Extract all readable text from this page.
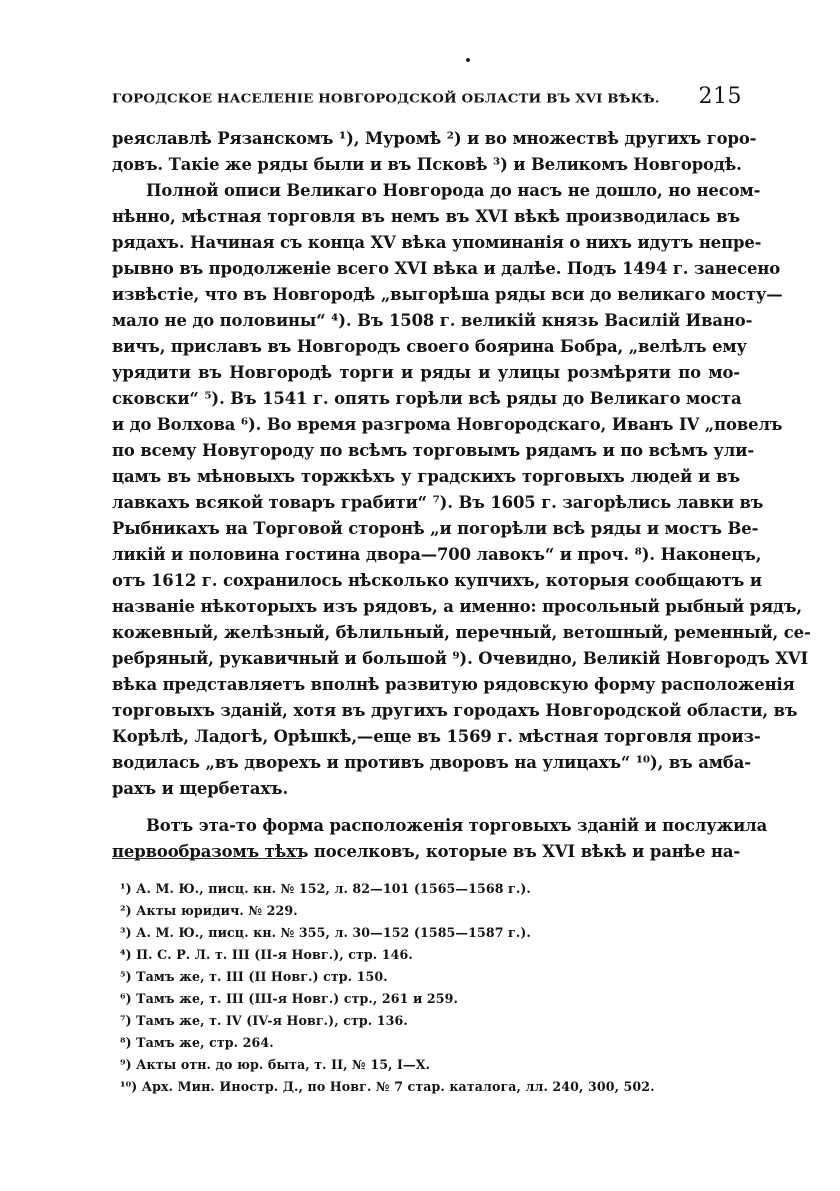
ГОРОДСКОЕ НАСЕЛЕНІЕ НОВГОРОДСКОЙ ОБЛАСТИ ВЪ XVI ВѢКѢ. 215
реяславлѣ Рязанскомъ ¹), Муромѣ ²) и во множествѣ другихъ горо-
довъ. Такіе же ряды были и въ Псковѣ ³) и Великомъ Новгородѣ.
Полной описи Великаго Новгорода до насъ не дошло, но несом-
нѣнно, мѣстная торговля въ немъ въ XVI вѣкѣ производилась въ
рядахъ. Начиная съ конца XV вѣка упоминанія о нихъ идутъ непре-
рывно въ продолженіе всего XVI вѣка и далѣе. Подъ 1494 г. занесено
извѣстіе, что въ Новгородѣ „выгорѣша ряды вси до великаго мосту—
мало не до половины“ ⁴). Въ 1508 г. великій князь Василій Ивано-
вичъ, приславъ въ Новгородъ своего боярина Бобра, „велѣлъ ему
урядити въ Новгородѣ торги и ряды и улицы розмѣряти по мо-
сковски“ ⁵). Въ 1541 г. опять горѣли всѣ ряды до Великаго моста
и до Волхова ⁶). Во время разгрома Новгородскаго, Иванъ IV „повелъ
по всему Новугороду по всѣмъ торговымъ рядамъ и по всѣмъ ули-
цамъ въ мѣновыхъ торжкѣхъ у градскихъ торговыхъ людей и въ
лавкахъ всякой товаръ грабити“ ⁷). Въ 1605 г. загорѣлись лавки въ
Рыбникахъ на Торговой сторонѣ „и погорѣли всѣ ряды и мостъ Ве-
ликій и половина гостина двора—700 лавокъ“ и проч. ⁸). Наконецъ,
отъ 1612 г. сохранилось нѣсколько купчихъ, которыя сообщаютъ и
названіе нѣкоторыхъ изъ рядовъ, а именно: просольный рыбный рядъ,
кожевный, желѣзный, бѣлильный, перечный, ветошный, ременный, се-
ребряный, рукавичный и большой ⁹). Очевидно, Великій Новгородъ XVI
вѣка представляетъ вполнѣ развитую рядовскую форму расположенія
торговыхъ зданій, хотя въ другихъ городахъ Новгородской области, въ
Корѣлѣ, Ладогѣ, Орѣшкѣ,—еще въ 1569 г. мѣстная торговля произ-
водилась „въ дворехъ и противъ дворовъ на улицахъ“ ¹⁰), въ амба-
рахъ и щербетахъ.
Вотъ эта-то форма расположенія торговыхъ зданій и послужила
первообразомъ тѣхъ поселковъ, которые въ XVI вѣкѣ и ранѣе на-
¹) А. М. Ю., писц. кн. № 152, л. 82—101 (1565—1568 г.).
²) Акты юридич. № 229.
³) А. М. Ю., писц. кн. № 355, л. 30—152 (1585—1587 г.).
⁴) П. С. Р. Л. т. III (II-я Новг.), стр. 146.
⁵) Тамъ же, т. III (II Новг.) стр. 150.
⁶) Тамъ же, т. III (III-я Новг.) стр., 261 и 259.
⁷) Тамъ же, т. IV (IV-я Новг.), стр. 136.
⁸) Тамъ же, стр. 264.
⁹) Акты отн. до юр. быта, т. II, № 15, I—X.
¹⁰) Арх. Мин. Иностр. Д., по Новг. № 7 стар. каталога, лл. 240, 300, 502.
